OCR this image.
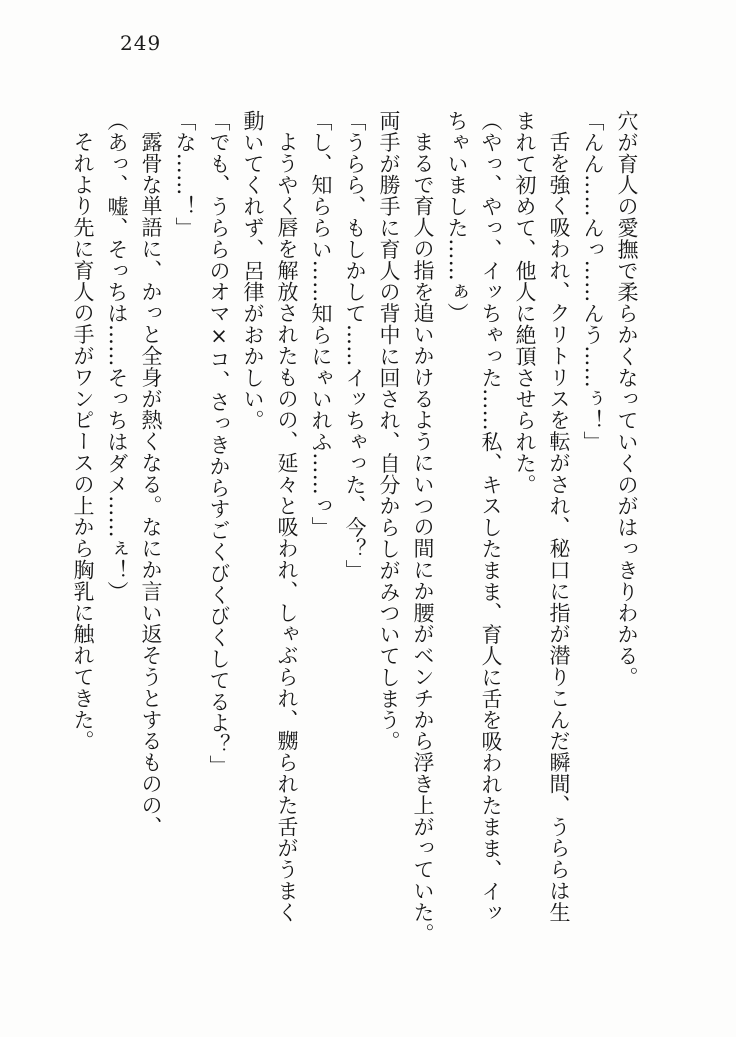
249
穴が育人の愛撫で柔らかくなっていくのがはっきりわかる。
「んん……んっ……んう……ぅ！」
舌を強く吸われ、クリトリスを転がされ、秘口に指が潜りこんだ瞬間、うららは生
まれて初めて、他人に絶頂させられた。
（やっ、やっ、イッちゃった……私、キスしたまま、育人に舌を吸われたまま、イッ
ちゃいました……ぁ）
まるで育人の指を追いかけるようにいつの間にか腰がベンチから浮き上がっていた。
両手が勝手に育人の背中に回され、自分からしがみついてしまう。
「うらら、もしかして……イッちゃった、今？」
「し、知ららい……知らにゃいれふ……っ」
ようやく唇を解放されたものの、延々と吸われ、しゃぶられ、嬲られた舌がうまく
動いてくれず、呂律がおかしい。
「でも、うららのオマ×コ、さっきからすごくびくびくしてるよ？」
「な……！」
露骨な単語に、かっと全身が熱くなる。なにか言い返そうとするものの、
（あっ、嘘、そっちは……そっちはダメ……ぇ！）
それより先に育人の手がワンピースの上から胸乳に触れてきた。
